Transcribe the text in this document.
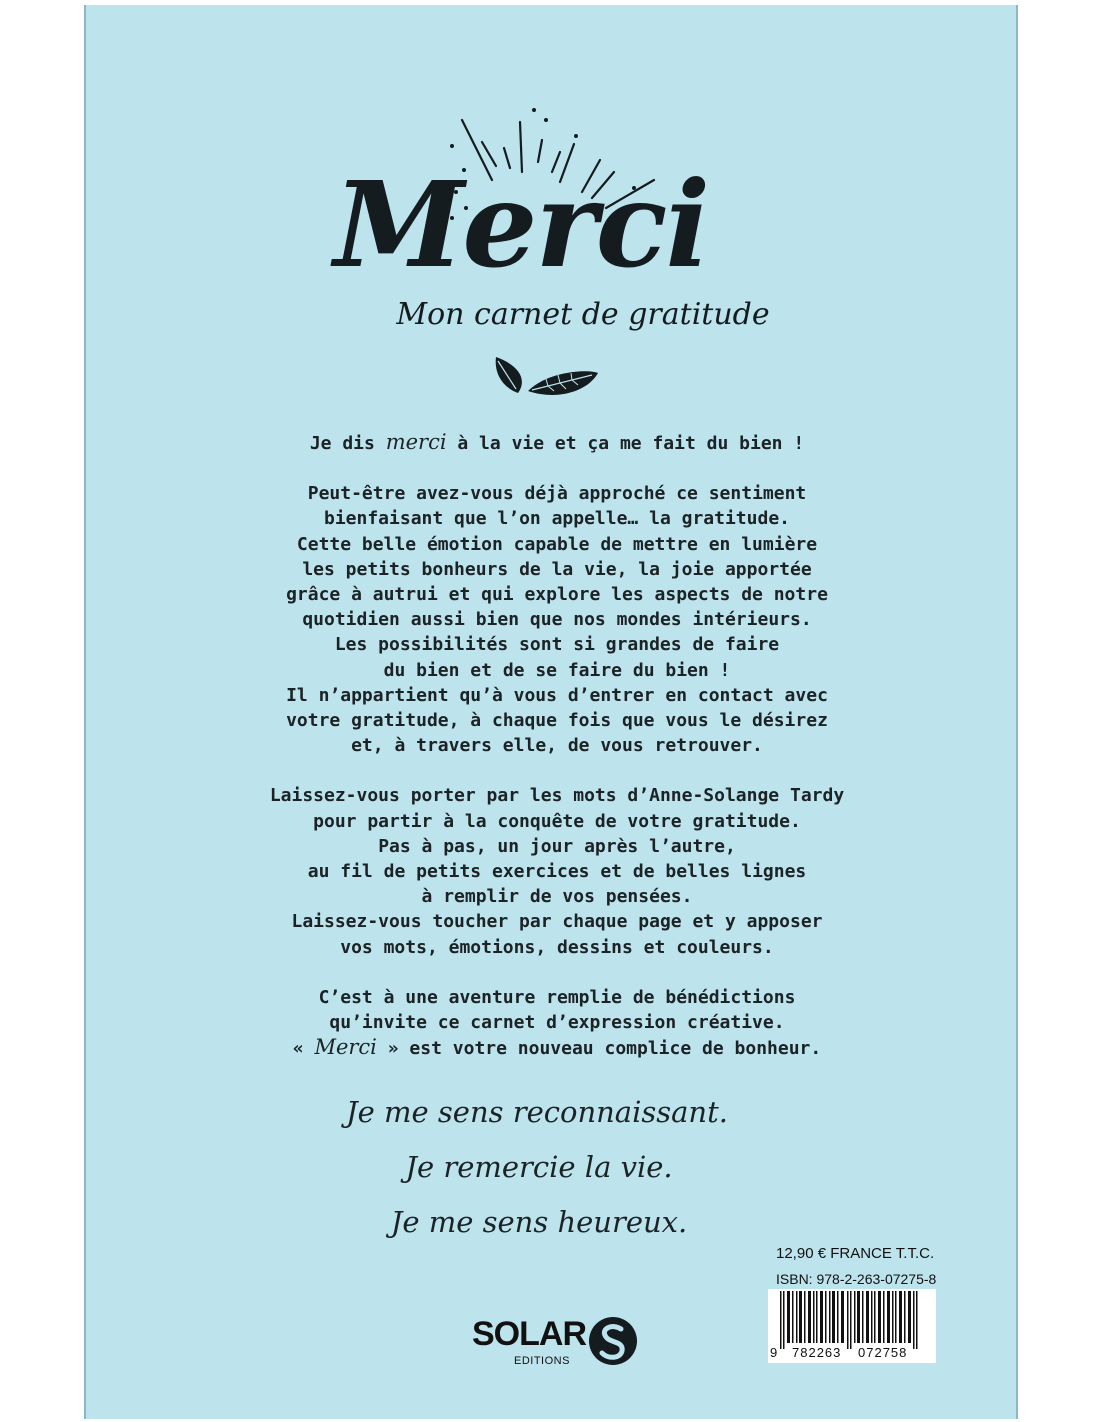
Merci
Mon carnet de gratitude

Je dis merci à la vie et ça me fait du bien !

Peut-être avez-vous déjà approché ce sentiment

bienfaisant que l’on appelle… la gratitude.

Cette belle émotion capable de mettre en lumière

les petits bonheurs de la vie, la joie apportée

grâce à autrui et qui explore les aspects de notre

quotidien aussi bien que nos mondes intérieurs.

Les possibilités sont si grandes de faire

du bien et de se faire du bien !

Il n’appartient qu’à vous d’entrer en contact avec

votre gratitude, à chaque fois que vous le désirez

et, à travers elle, de vous retrouver.

Laissez-vous porter par les mots d’Anne-Solange Tardy

pour partir à la conquête de votre gratitude.

Pas à pas, un jour après l’autre,

au fil de petits exercices et de belles lignes

à remplir de vos pensées.

Laissez-vous toucher par chaque page et y apposer

vos mots, émotions, dessins et couleurs.

C’est à une aventure remplie de bénédictions

qu’invite ce carnet d’expression créative.

« Merci » est votre nouveau complice de bonheur.

Je me sens reconnaissant.
Je remercie la vie.
Je me sens heureux.
SOLAR
EDITIONS
12,90 € FRANCE T.T.C.
ISBN: 978-2-263-07275-8
9 782263 072758
